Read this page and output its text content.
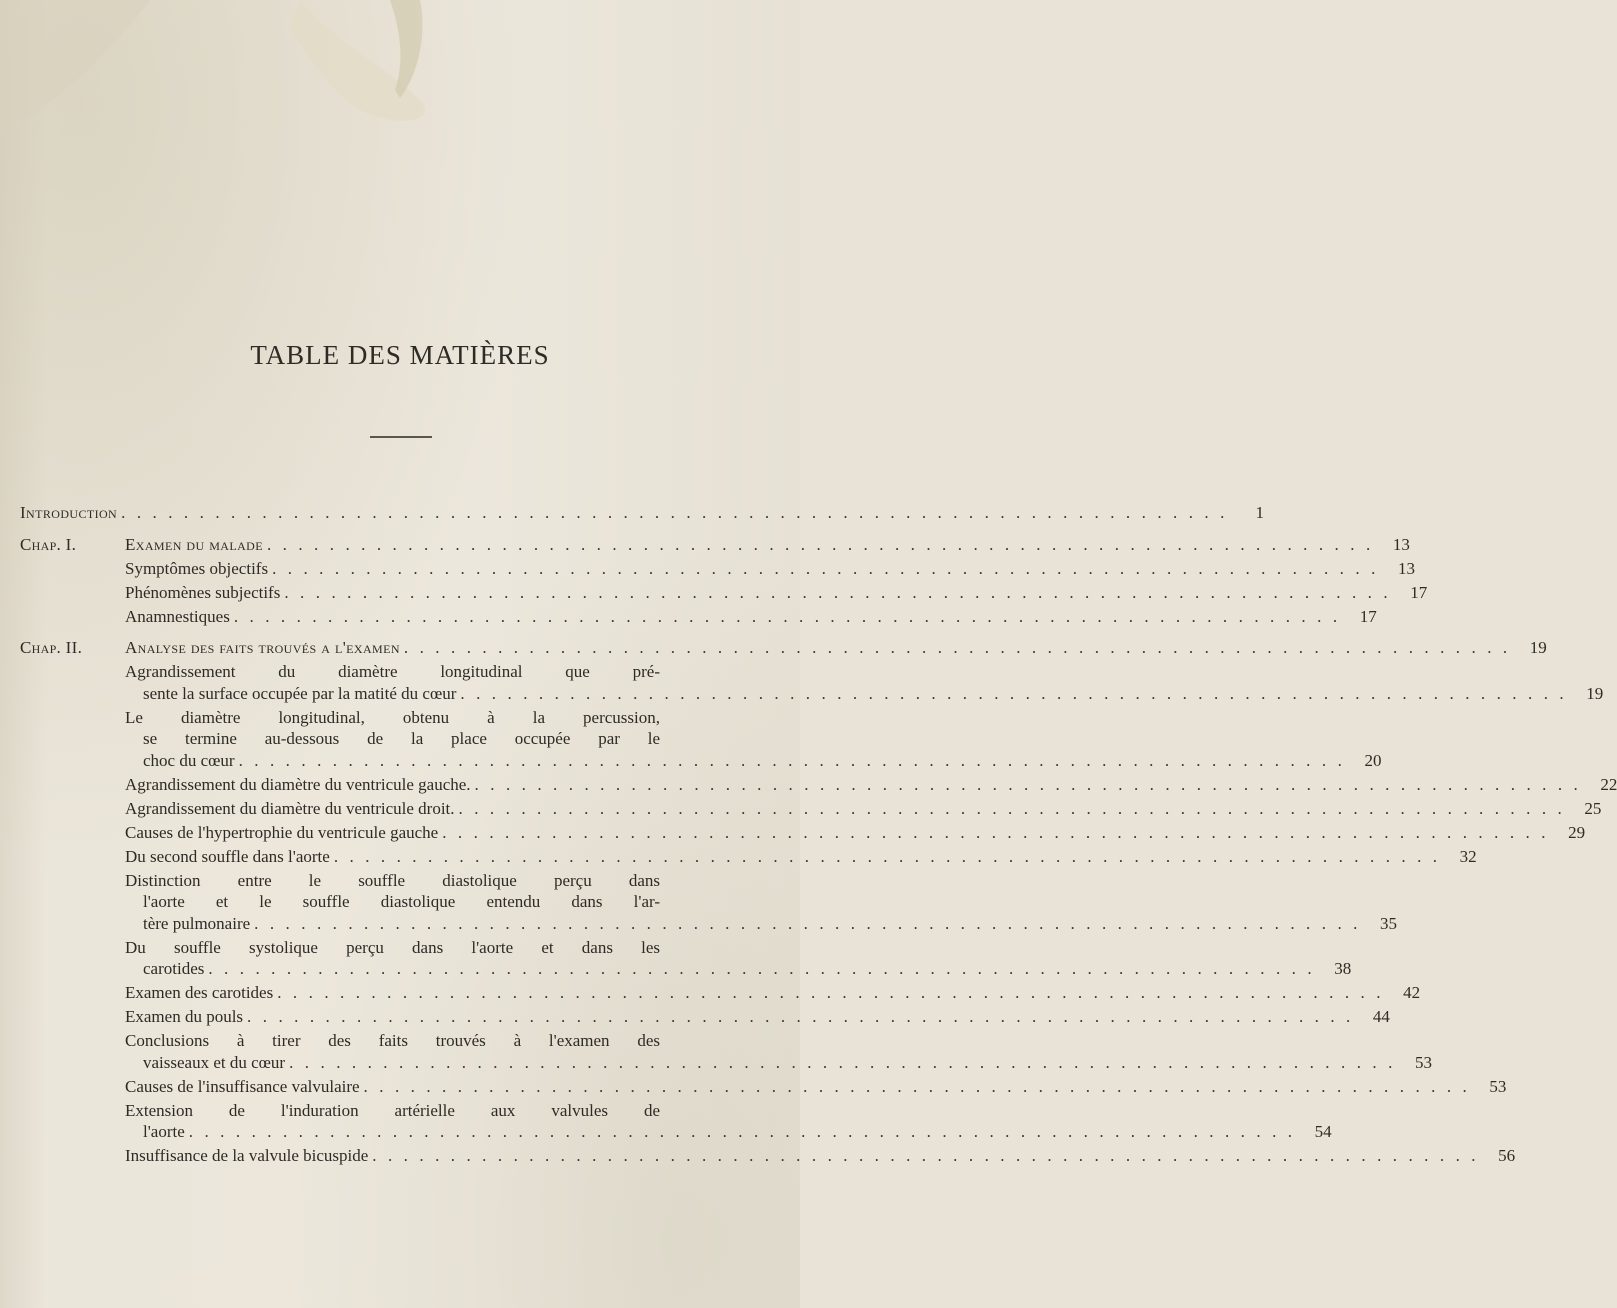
TABLE DES MATIÈRES
Introduction . . .	1
Chap. I.	Examen du malade . . .	13
Symptômes objectifs . . .	13
Phénomènes subjectifs . . .	17
Anamnestiques . . .	17
Chap. II.	Analyse des faits trouvés a l'examen . . .	19
Agrandissement du diamètre longitudinal que pré-
sente la surface occupée par la matité du cœur . . .	19
Le diamètre longitudinal, obtenu à la percussion,
se termine au-dessous de la place occupée par le
choc du cœur . . .	20
Agrandissement du diamètre du ventricule gauche. . . .	22
Agrandissement du diamètre du ventricule droit. . . .	25
Causes de l'hypertrophie du ventricule gauche . . .	29
Du second souffle dans l'aorte . . .	32
Distinction entre le souffle diastolique perçu dans
l'aorte et le souffle diastolique entendu dans l'ar-
tère pulmonaire . . .	35
Du souffle systolique perçu dans l'aorte et dans les
carotides . . .	38
Examen des carotides . . .	42
Examen du pouls . . .	44
Conclusions à tirer des faits trouvés à l'examen des
vaisseaux et du cœur . . .	53
Causes de l'insuffisance valvulaire . . .	53
Extension de l'induration artérielle aux valvules de
l'aorte . . .	54
Insuffisance de la valvule bicuspide . . .	56
